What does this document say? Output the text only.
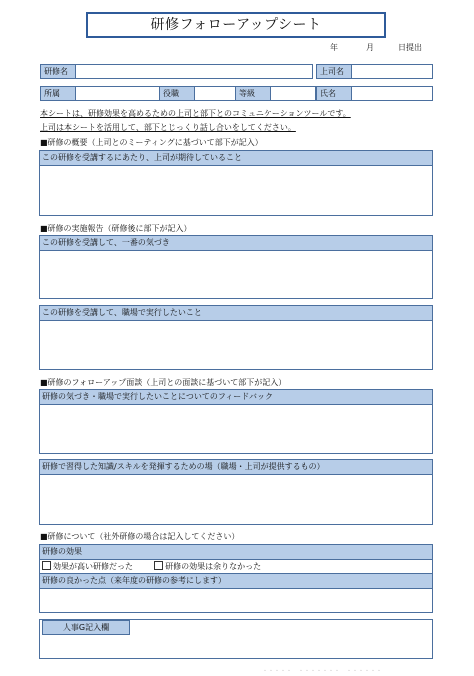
研修フォローアップシート
年	月	日提出
研修名	上司名
所属	役職	等級	氏名
本シートは、研修効果を高めるための上司と部下とのコミュニケーションツールです。
上司は本シートを活用して、部下とじっくり話し合いをしてください。
■研修の概要（上司とのミーティングに基づいて部下が記入）
この研修を受講するにあたり、上司が期待していること
■研修の実施報告（研修後に部下が記入）
この研修を受講して、一番の気づき
この研修を受講して、職場で実行したいこと
■研修のフォローアップ面談（上司との面談に基づいて部下が記入）
研修の気づき・職場で実行したいことについてのフィードバック
研修で習得した知識/スキルを発揮するための場（職場・上司が提供するもの）
■研修について（社外研修の場合は記入してください）
研修の効果
効果が高い研修だった	研修の効果は余りなかった
研修の良かった点（来年度の研修の参考にします）
人事G記入欄
・・・・・　・・・・・・・　・・・・・・
